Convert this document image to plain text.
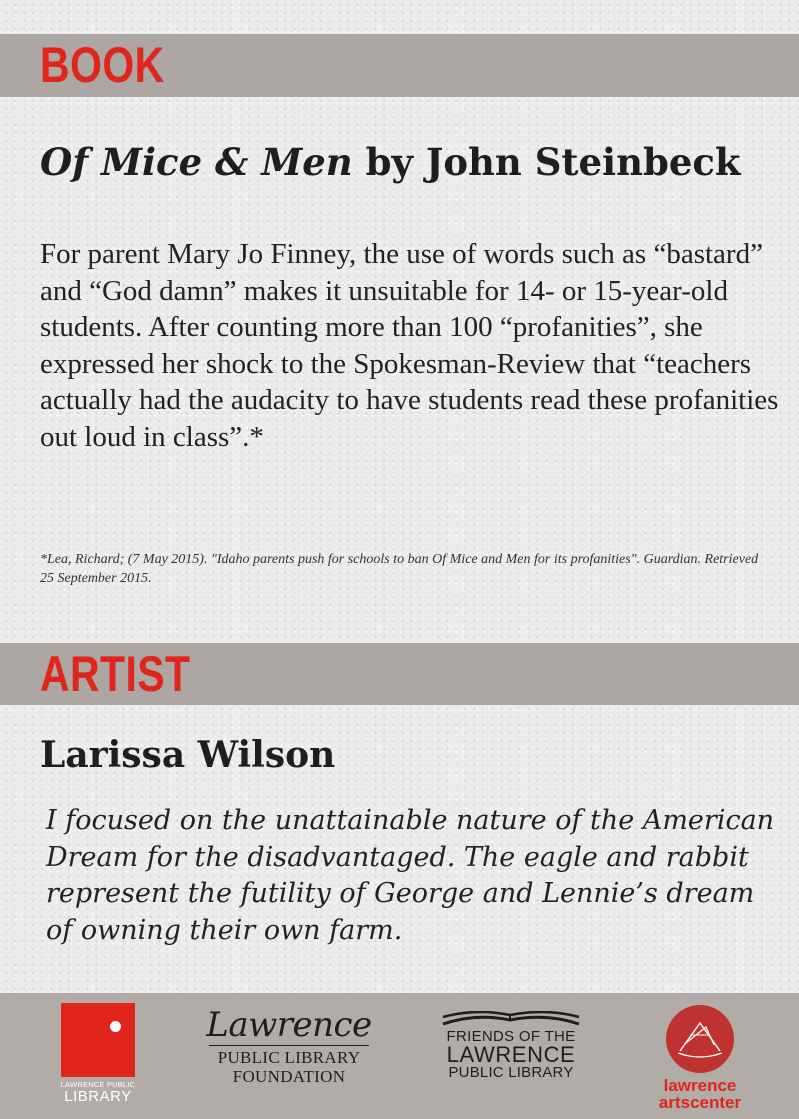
BOOK
Of Mice & Men by John Steinbeck

For parent Mary Jo Finney, the use of words such as “bastard” and “God damn” makes it unsuitable for 14- or 15-year-old students. After counting more than 100 “profanities”, she expressed her shock to the Spokesman-Review that “teachers actually had the audacity to have students read these profanities out loud in class”.*

*Lea, Richard; (7 May 2015). "Idaho parents push for schools to ban Of Mice and Men for its profanities". Guardian. Retrieved 25 September 2015.

ARTIST
Larissa Wilson

I focused on the unattainable nature of the American Dream for the disadvantaged. The eagle and rabbit represent the futility of George and Lennie’s dream of owning their own farm.

LAWRENCE PUBLIC
LIBRARY
Lawrence
PUBLIC LIBRARY
FOUNDATION
FRIENDS OF THE
LAWRENCE
PUBLIC LIBRARY
lawrence
artscenter
